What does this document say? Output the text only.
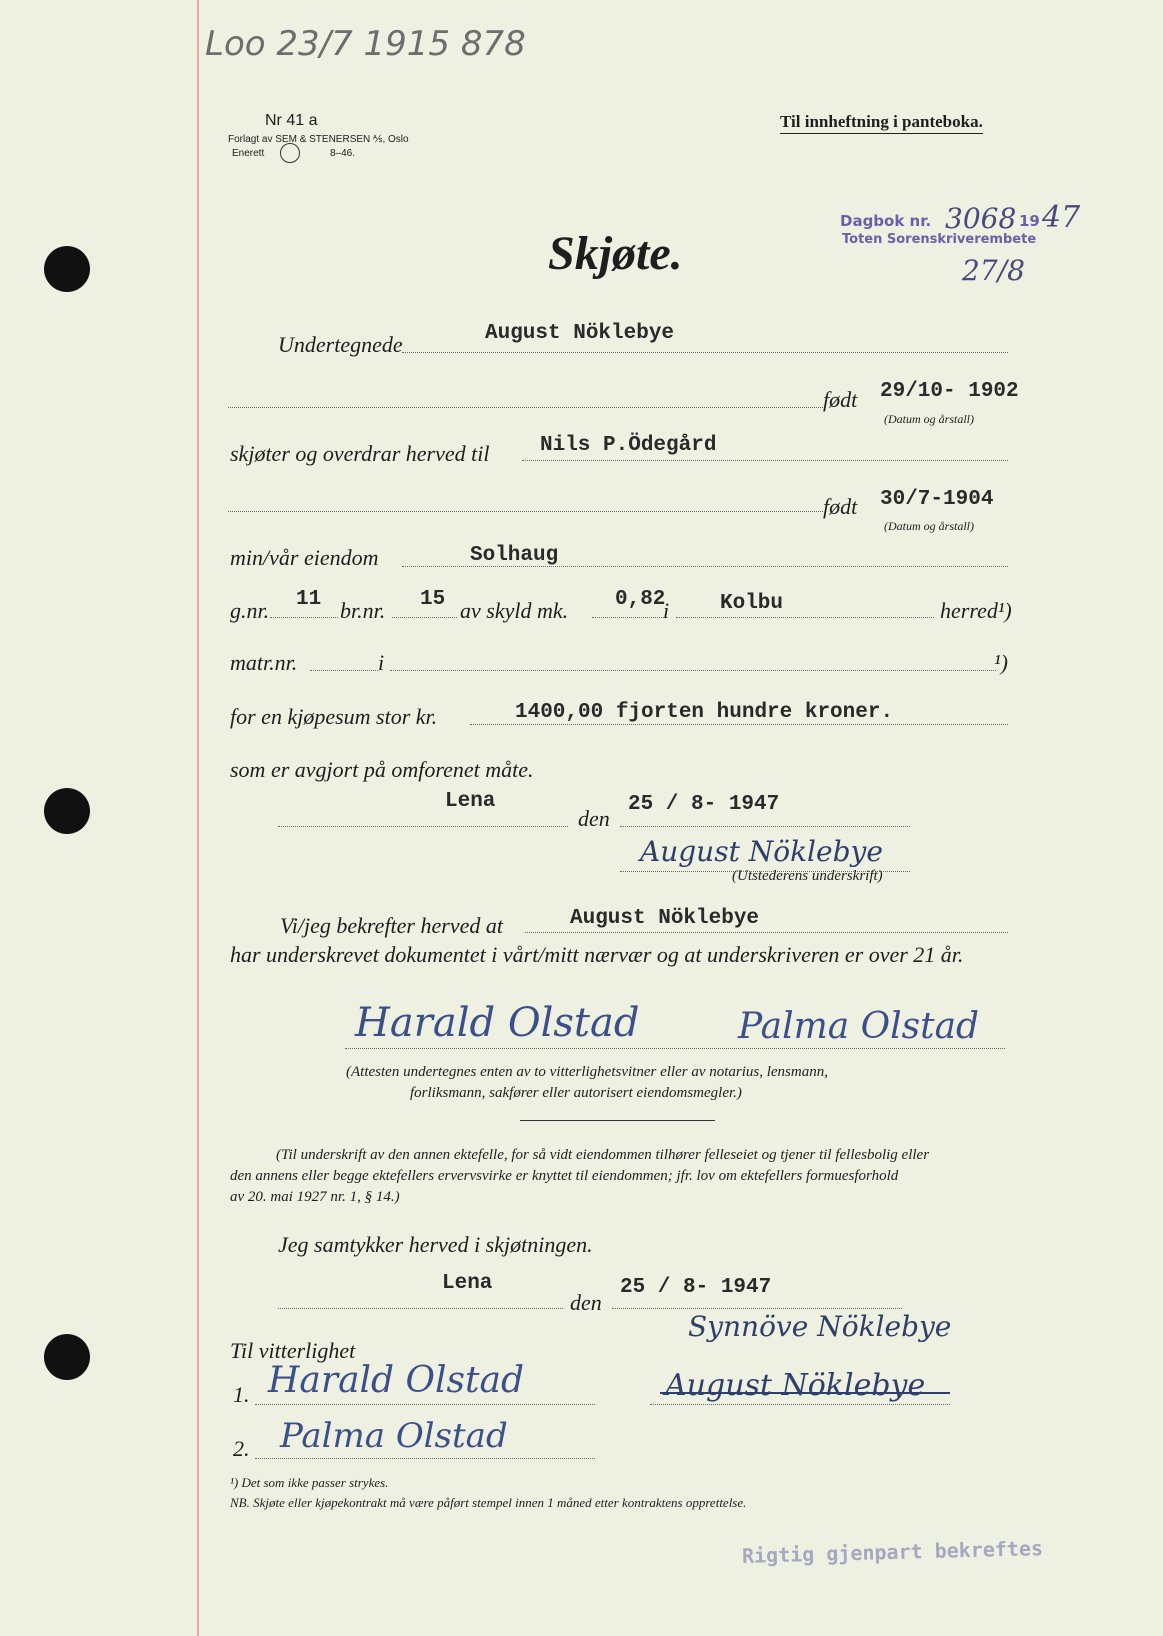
Loo 23/7 1915 878
Nr 41 a
Forlagt av SEM & STENERSEN ⅍, Oslo
Enerett	8–46.
Til innheftning i panteboka.
Dagbok nr. 3068 19 47
Toten Sorenskriverembete
27/8
Skjøte.
Undertegnede	August Nöklebye
født 29/10- 1902
(Datum og årstall)
skjøter og overdrar herved til Nils P.Ödegård
født 30/7-1904
(Datum og årstall)
min/vår eiendom	Solhaug
g.nr. 11 br.nr. 15 av skyld mk. 0,82
i Kolbu	herred¹)
matr.nr.	i	¹)
for en kjøpesum stor kr.	1400,00 fjorten hundre kroner.
som er avgjort på omforenet måte.
Lena
den
25 / 8- 1947
August Nöklebye
(Utstederens underskrift)
Vi/jeg bekrefter herved at	August Nöklebye
har underskrevet dokumentet i vårt/mitt nærvær og at underskriveren er over 21 år.
Harald Olstad	Palma Olstad
(Attesten undertegnes enten av to vitterlighetsvitner eller av notarius, lensmann,
forliksmann, sakfører eller autorisert eiendomsmegler.)
(Til underskrift av den annen ektefelle, for så vidt eiendommen tilhører felleseiet og tjener til fellesbolig eller
den annens eller begge ektefellers ervervsvirke er knyttet til eiendommen; jfr. lov om ektefellers formuesforhold
av 20. mai 1927 nr. 1, § 14.)
Jeg samtykker herved i skjøtningen.
Lena
den
25 / 8- 1947
Synnöve Nöklebye
Til vitterlighet
1. Harald Olstad
2. Palma Olstad
August Nöklebye
¹) Det som ikke passer strykes.
NB. Skjøte eller kjøpekontrakt må være påført stempel innen 1 måned etter kontraktens opprettelse.
Rigtig gjenpart bekreftes
